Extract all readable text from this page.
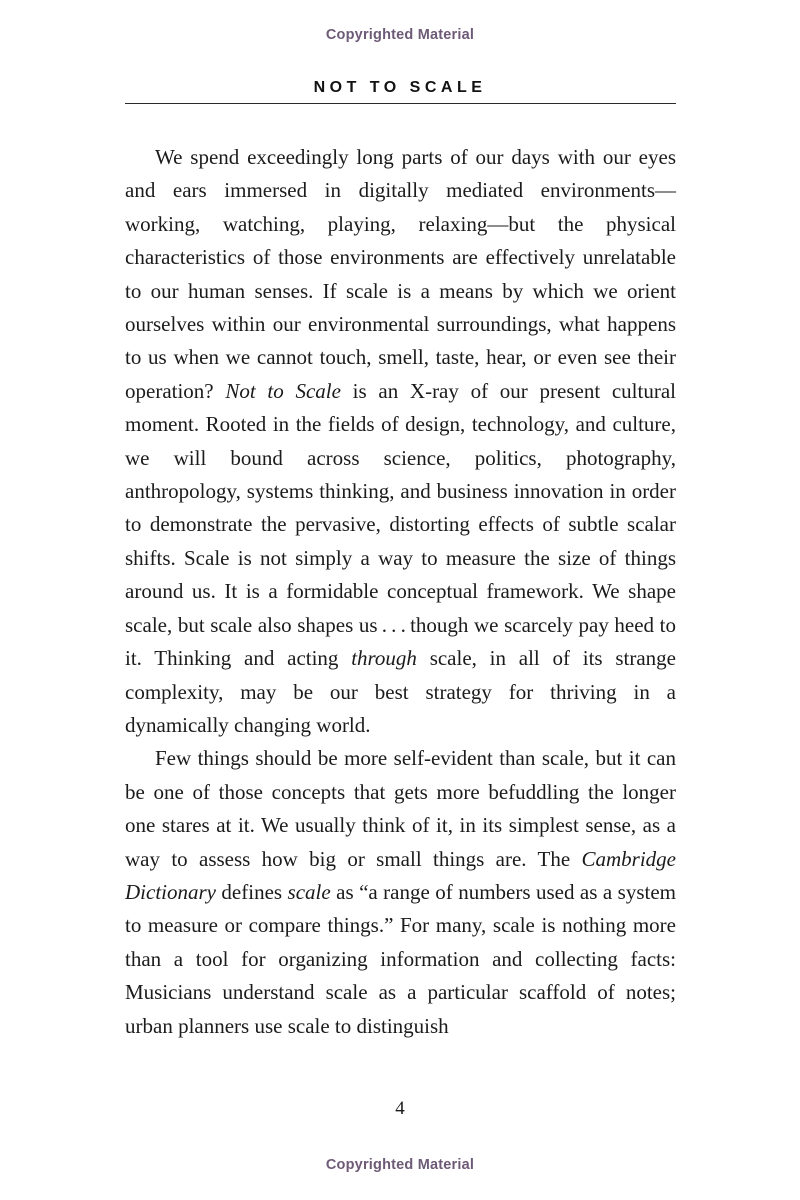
Copyrighted Material
NOT TO SCALE

We spend exceedingly long parts of our days with our eyes and ears immersed in digitally mediated environments—working, watching, playing, relaxing—but the physical characteristics of those environments are effectively unrelatable to our human senses. If scale is a means by which we orient ourselves within our environmental surroundings, what happens to us when we cannot touch, smell, taste, hear, or even see their operation? Not to Scale is an X-ray of our present cultural moment. Rooted in the fields of design, technology, and culture, we will bound across science, politics, photography, anthropology, systems thinking, and business innovation in order to demonstrate the pervasive, distorting effects of subtle scalar shifts. Scale is not simply a way to measure the size of things around us. It is a formidable conceptual framework. We shape scale, but scale also shapes us . . . though we scarcely pay heed to it. Thinking and acting through scale, in all of its strange complexity, may be our best strategy for thriving in a dynamically changing world.

Few things should be more self-evident than scale, but it can be one of those concepts that gets more befuddling the longer one stares at it. We usually think of it, in its simplest sense, as a way to assess how big or small things are. The Cambridge Dictionary defines scale as “a range of numbers used as a system to measure or compare things.” For many, scale is nothing more than a tool for organizing information and collecting facts: Musicians understand scale as a particular scaffold of notes; urban planners use scale to distinguish

4
Copyrighted Material
